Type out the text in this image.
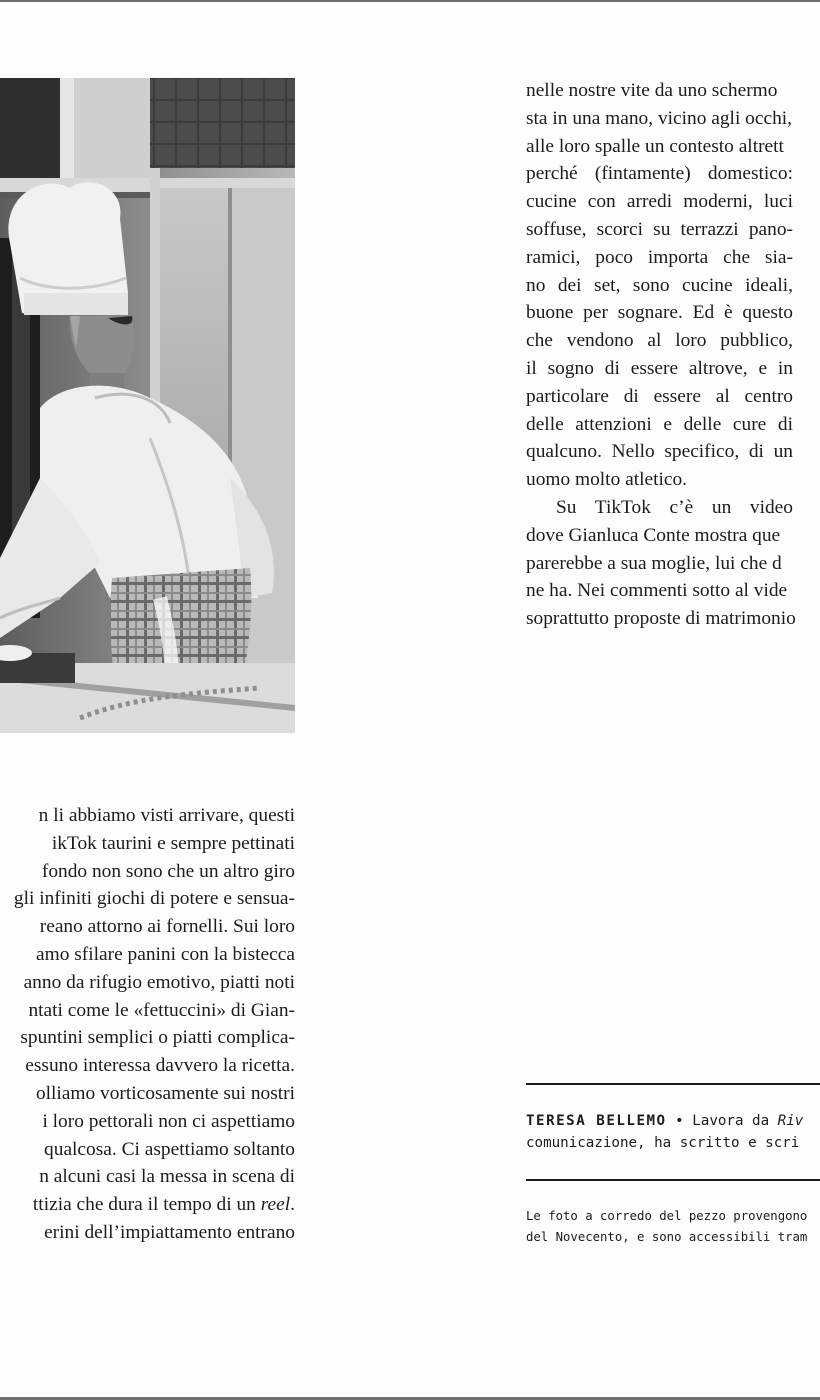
nelle nostre vite da uno schermo
sta in una mano, vicino agli occhi,
alle loro spalle un contesto altrett
perché (fintamente) domestico:
cucine con arredi moderni, luci
soffuse, scorci su terrazzi pano-
ramici, poco importa che sia-
no dei set, sono cucine ideali,
buone per sognare. Ed è questo
che vendono al loro pubblico,
il sogno di essere altrove, e in
particolare di essere al centro
delle attenzioni e delle cure di
qualcuno. Nello specifico, di un
uomo molto atletico.

Su TikTok c’è un video
dove Gianluca Conte mostra que
parerebbe a sua moglie, lui che d
ne ha. Nei commenti sotto al vide
soprattutto proposte di matrimonio

n li abbiamo visti arrivare, questi
ikTok taurini e sempre pettinati
fondo non sono che un altro giro
gli infiniti giochi di potere e sensua-
reano attorno ai fornelli. Sui loro
amo sfilare panini con la bistecca
anno da rifugio emotivo, piatti noti
ntati come le «fettuccini» di Gian-
spuntini semplici o piatti complica-
essuno interessa davvero la ricetta.
olliamo vorticosamente sui nostri
i loro pettorali non ci aspettiamo
qualcosa. Ci aspettiamo soltanto
n alcuni casi la messa in scena di
ttizia che dura il tempo di un reel.
erini dell’impiattamento entrano

TERESA BELLEMO • Lavora da Riv
comunicazione, ha scritto e scri
Le foto a corredo del pezzo provengono
del Novecento, e sono accessibili tram
